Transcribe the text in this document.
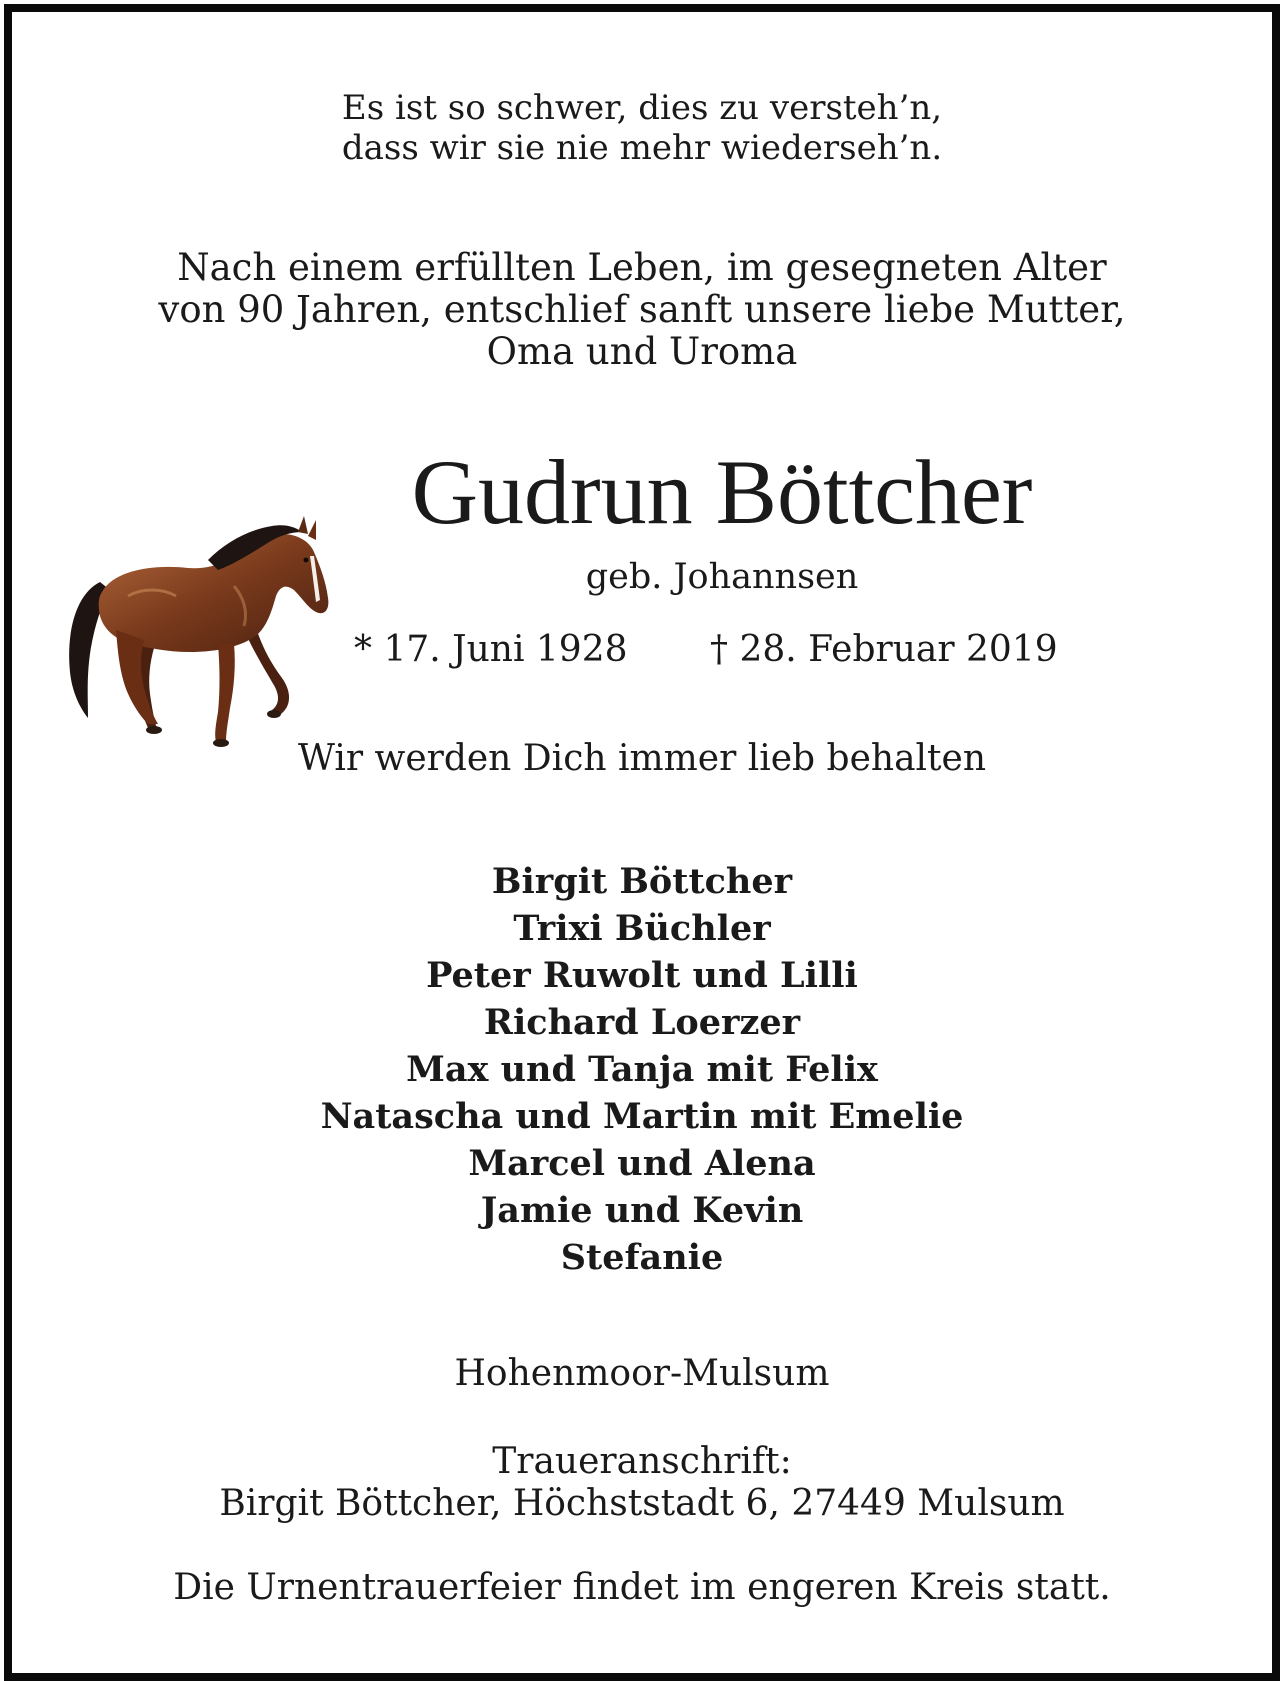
Es ist so schwer, dies zu versteh’n,

dass wir sie nie mehr wiederseh’n.

Nach einem erfüllten Leben, im gesegneten Alter

von 90 Jahren, entschlief sanft unsere liebe Mutter,

Oma und Uroma

Gudrun Böttcher

geb. Johannsen

* 17. Juni 1928 † 28. Februar 2019

Wir werden Dich immer lieb behalten

Birgit Böttcher

Trixi Büchler

Peter Ruwolt und Lilli

Richard Loerzer

Max und Tanja mit Felix

Natascha und Martin mit Emelie

Marcel und Alena

Jamie und Kevin

Stefanie

Hohenmoor-Mulsum

Traueranschrift:

Birgit Böttcher, Höchststadt 6, 27449 Mulsum

Die Urnentrauerfeier findet im engeren Kreis statt.
